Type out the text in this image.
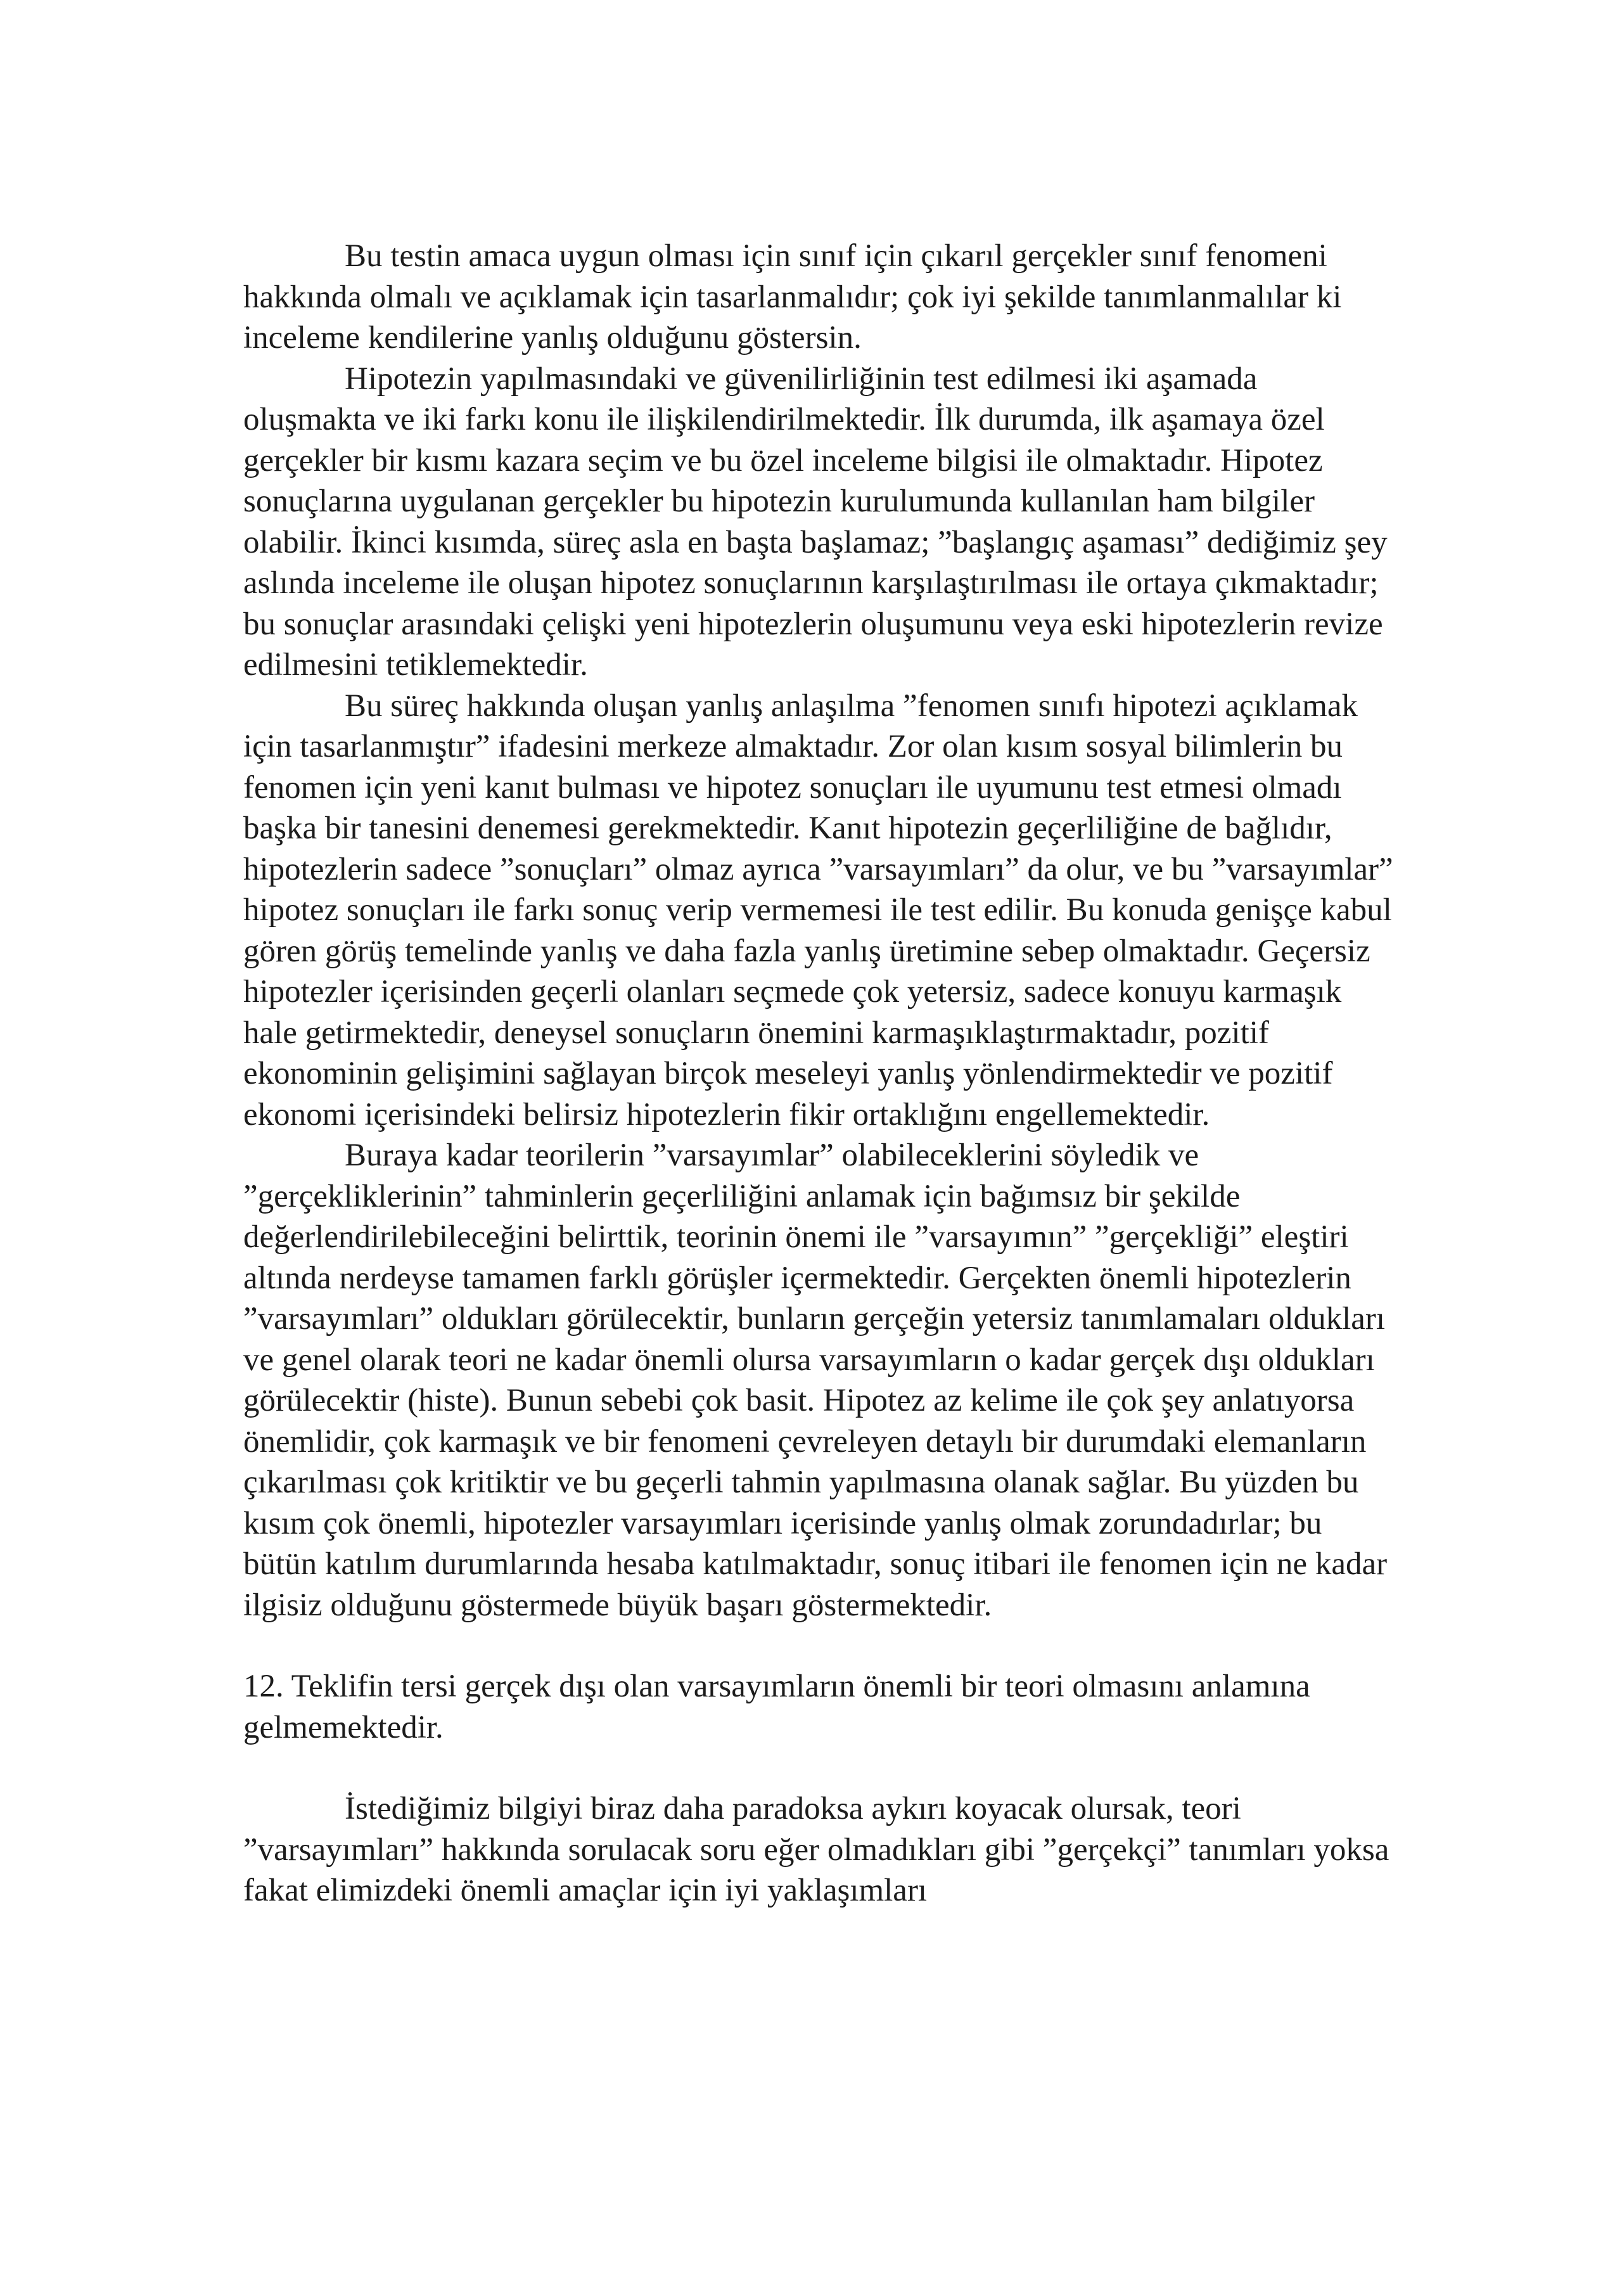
Bu testin amaca uygun olması için sınıf için çıkarıl gerçekler sınıf fenomeni hakkında olmalı ve açıklamak için tasarlanmalıdır; çok iyi şekilde tanımlanmalılar ki inceleme kendilerine yanlış olduğunu göstersin.

Hipotezin yapılmasındaki ve güvenilirliğinin test edilmesi iki aşamada oluşmakta ve iki farkı konu ile ilişkilendirilmektedir. İlk durumda, ilk aşamaya özel gerçekler bir kısmı kazara seçim ve bu özel inceleme bilgisi ile olmaktadır. Hipotez sonuçlarına uygulanan gerçekler bu hipotezin kurulumunda kullanılan ham bilgiler olabilir. İkinci kısımda, süreç asla en başta başlamaz; ”başlangıç aşaması” dediğimiz şey aslında inceleme ile oluşan hipotez sonuçlarının karşılaştırılması ile ortaya çıkmaktadır; bu sonuçlar arasındaki çelişki yeni hipotezlerin oluşumunu veya eski hipotezlerin revize edilmesini tetiklemektedir.

Bu süreç hakkında oluşan yanlış anlaşılma ”fenomen sınıfı hipotezi açıklamak için tasarlanmıştır” ifadesini merkeze almaktadır. Zor olan kısım sosyal bilimlerin bu fenomen için yeni kanıt bulması ve hipotez sonuçları ile uyumunu test etmesi olmadı başka bir tanesini denemesi gerekmektedir. Kanıt hipotezin geçerliliğine de bağlıdır, hipotezlerin sadece ”sonuçları” olmaz ayrıca ”varsayımları” da olur, ve bu ”varsayımlar” hipotez sonuçları ile farkı sonuç verip vermemesi ile test edilir. Bu konuda genişçe kabul gören görüş temelinde yanlış ve daha fazla yanlış üretimine sebep olmaktadır. Geçersiz hipotezler içerisinden geçerli olanları seçmede çok yetersiz, sadece konuyu karmaşık hale getirmektedir, deneysel sonuçların önemini karmaşıklaştırmaktadır, pozitif ekonominin gelişimini sağlayan birçok meseleyi yanlış yönlendirmektedir ve pozitif ekonomi içerisindeki belirsiz hipotezlerin fikir ortaklığını engellemektedir.

Buraya kadar teorilerin ”varsayımlar” olabileceklerini söyledik ve ”gerçekliklerinin” tahminlerin geçerliliğini anlamak için bağımsız bir şekilde değerlendirilebileceğini belirttik, teorinin önemi ile ”varsayımın” ”gerçekliği” eleştiri altında nerdeyse tamamen farklı görüşler içermektedir. Gerçekten önemli hipotezlerin ”varsayımları” oldukları görülecektir, bunların gerçeğin yetersiz tanımlamaları oldukları ve genel olarak teori ne kadar önemli olursa varsayımların o kadar gerçek dışı oldukları görülecektir (histe). Bunun sebebi çok basit. Hipotez az kelime ile çok şey anlatıyorsa önemlidir, çok karmaşık ve bir fenomeni çevreleyen detaylı bir durumdaki elemanların çıkarılması çok kritiktir ve bu geçerli tahmin yapılmasına olanak sağlar. Bu yüzden bu kısım çok önemli, hipotezler varsayımları içerisinde yanlış olmak zorundadırlar; bu bütün katılım durumlarında hesaba katılmaktadır, sonuç itibari ile fenomen için ne kadar ilgisiz olduğunu göstermede büyük başarı göstermektedir.

12. Teklifin tersi gerçek dışı olan varsayımların önemli bir teori olmasını anlamına gelmemektedir.

İstediğimiz bilgiyi biraz daha paradoksa aykırı koyacak olursak, teori ”varsayımları” hakkında sorulacak soru eğer olmadıkları gibi ”gerçekçi” tanımları yoksa fakat elimizdeki önemli amaçlar için iyi yaklaşımları
